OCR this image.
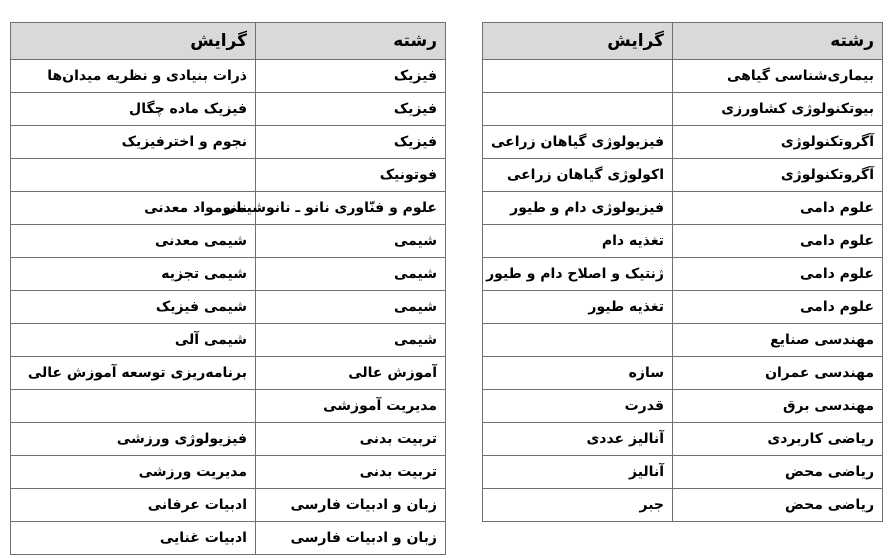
رشته	گرایش
فیزیک	ذرات بنیادی و نظریه میدان‌ها
فیزیک	فیزیک ماده چگال
فیزیک	نجوم و اخترفیزیک
فوتونیک	
علوم و فنّاوری نانو ـ نانوشیمی	نانومواد معدنی
شیمی	شیمی معدنی
شیمی	شیمی تجزیه
شیمی	شیمی فیزیک
شیمی	شیمی آلی
آموزش عالی	برنامه‌ریزی توسعه آموزش عالی
مدیریت آموزشی	
تربیت بدنی	فیزیولوژی ورزشی
تربیت بدنی	مدیریت ورزشی
زبان و ادبیات فارسی	ادبیات عرفانی
زبان و ادبیات فارسی	ادبیات غنایی
رشته	گرایش
بیماری‌شناسی گیاهی	
بیوتکنولوژی کشاورزی	
آگروتکنولوژی	فیزیولوژی گیاهان زراعی
آگروتکنولوژی	اکولوژی گیاهان زراعی
علوم دامی	فیزیولوژی دام و طیور
علوم دامی	تغذیه دام
علوم دامی	ژنتیک و اصلاح دام و طیور
علوم دامی	تغذیه طیور
مهندسی صنایع	
مهندسی عمران	سازه
مهندسی برق	قدرت
ریاضی کاربردی	آنالیز عددی
ریاضی محض	آنالیز
ریاضی محض	جبر
